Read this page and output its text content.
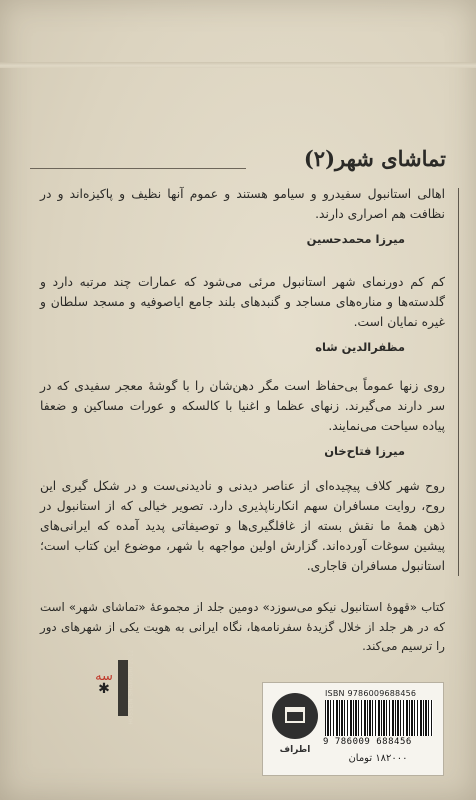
تماشای شهر(۲)

اهالی استانبول سفیدرو و سیامو هستند و عموم آنها نظیف و پاکیزه‌اند و در نظافت هم اصراری دارند.

میرزا محمدحسین

کم کم دورنمای شهر استانبول مرئی می‌شود که عمارات چند مرتبه دارد و گلدسته‌ها و مناره‌های مساجد و گنبدهای بلند جامع ایاصوفیه و مسجد سلطان و غیره نمایان است.

مظفرالدین شاه

روی زنها عموماً بی‌حفاظ است مگر دهن‌شان را با گوشهٔ معجر سفیدی که در سر دارند می‌گیرند. زنهای عظما و اغنیا با کالسکه و عورات مساکین و ضعفا پیاده سیاحت می‌نمایند.

میرزا فتاح‌خان

روح شهر کلاف پیچیده‌ای از عناصر دیدنی و نادیدنی‌ست و در شکل گیری این روح، روایت مسافران سهم انکارناپذیری دارد. تصویر خیالی که از استانبول در ذهن همهٔ ما نقش بسته از غافلگیری‌ها و توصیفاتی پدید آمده که ایرانی‌های پیشین سوغات آورده‌اند. گزارش اولین مواجهه با شهر، موضوع این کتاب است؛ استانبول مسافران قاجاری.

کتاب «قهوهٔ استانبول نیکو می‌سوزد» دومین جلد از مجموعهٔ «تماشای شهر» است که در هر جلد از خلال گزیدهٔ سفرنامه‌ها، نگاه ایرانی به هویت یکی از شهرهای دور را ترسیم می‌کند.
سه
✱	HOSSEIN SHAKOURI 2012
اطراف
ISBN 9786009688456
9 786009 688456
۱۸۲۰۰۰ تومان
